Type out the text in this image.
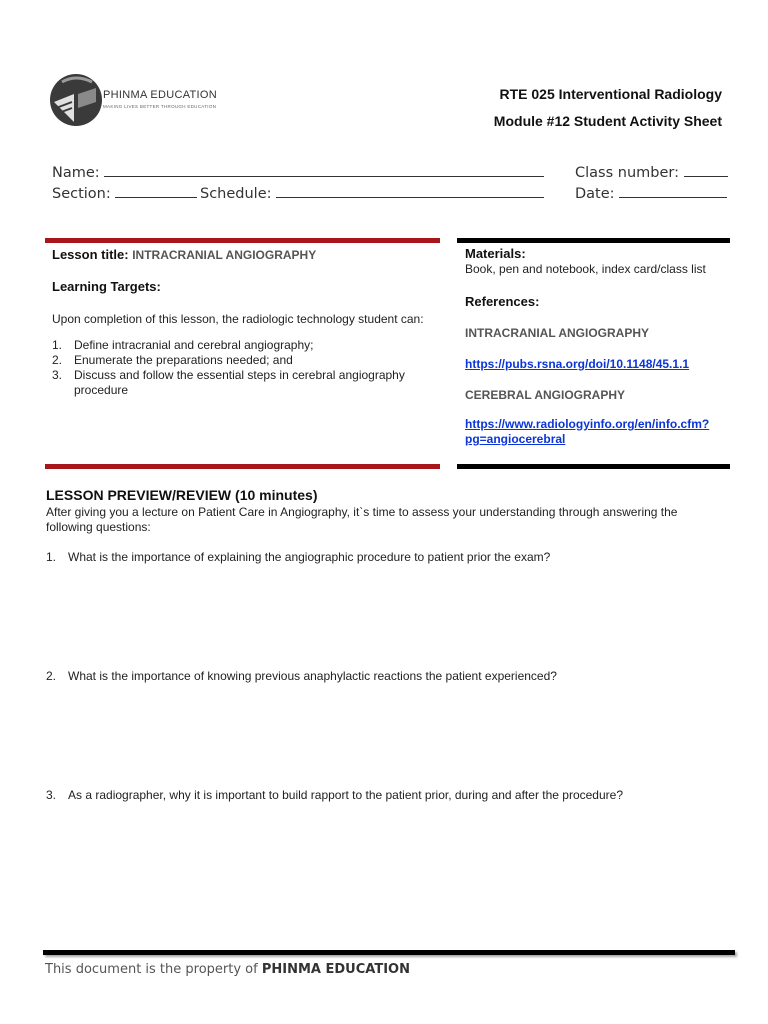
PHINMA EDUCATION
MAKING LIVES BETTER THROUGH EDUCATION
RTE 025 Interventional Radiology
Module #12 Student Activity Sheet
Name:	Class number:
Section:	Schedule:	Date:
Lesson title: INTRACRANIAL ANGIOGRAPHY
Learning Targets:
Upon completion of this lesson, the radiologic technology student can:
1. Define intracranial and cerebral angiography;
2. Enumerate the preparations needed; and
3. Discuss and follow the essential steps in cerebral angiography procedure
Materials:
Book, pen and notebook, index card/class list
References:
INTRACRANIAL ANGIOGRAPHY
https://pubs.rsna.org/doi/10.1148/45.1.1
CEREBRAL ANGIOGRAPHY
https://www.radiologyinfo.org/en/info.cfm?
pg=angiocerebral
LESSON PREVIEW/REVIEW (10 minutes)
After giving you a lecture on Patient Care in Angiography, it`s time to assess your understanding through answering the
following questions:
1. What is the importance of explaining the angiographic procedure to patient prior the exam?
2. What is the importance of knowing previous anaphylactic reactions the patient experienced?
3. As a radiographer, why it is important to build rapport to the patient prior, during and after the procedure?
This document is the property of PHINMA EDUCATION
